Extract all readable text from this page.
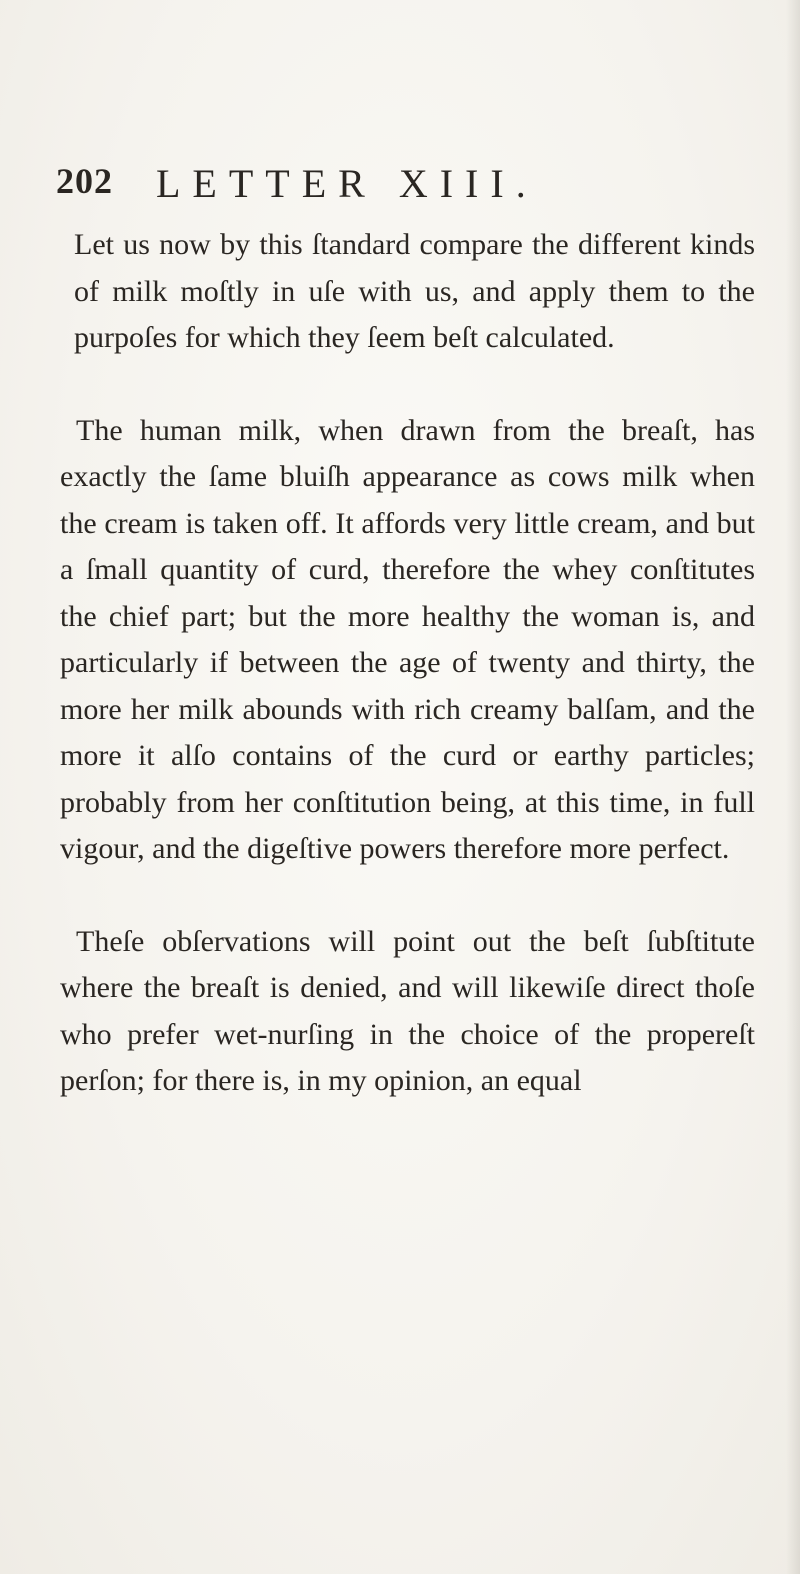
202 LETTER XIII.

Let us now by this ſtandard compare the different kinds of milk moſtly in uſe with us, and apply them to the purpoſes for which they ſeem beſt calculated.

The human milk, when drawn from the breaſt, has exactly the ſame bluiſh appearance as cows milk when the cream is taken off. It affords very little cream, and but a ſmall quantity of curd, therefore the whey conſtitutes the chief part; but the more healthy the woman is, and particularly if between the age of twenty and thirty, the more her milk abounds with rich creamy balſam, and the more it alſo contains of the curd or earthy particles; probably from her conſtitution being, at this time, in full vigour, and the digeſtive powers therefore more perfect.

Theſe obſervations will point out the beſt ſubſtitute where the breaſt is denied, and will likewiſe direct thoſe who prefer wet-nurſing in the choice of the propereſt perſon; for there is, in my opinion, an equal
